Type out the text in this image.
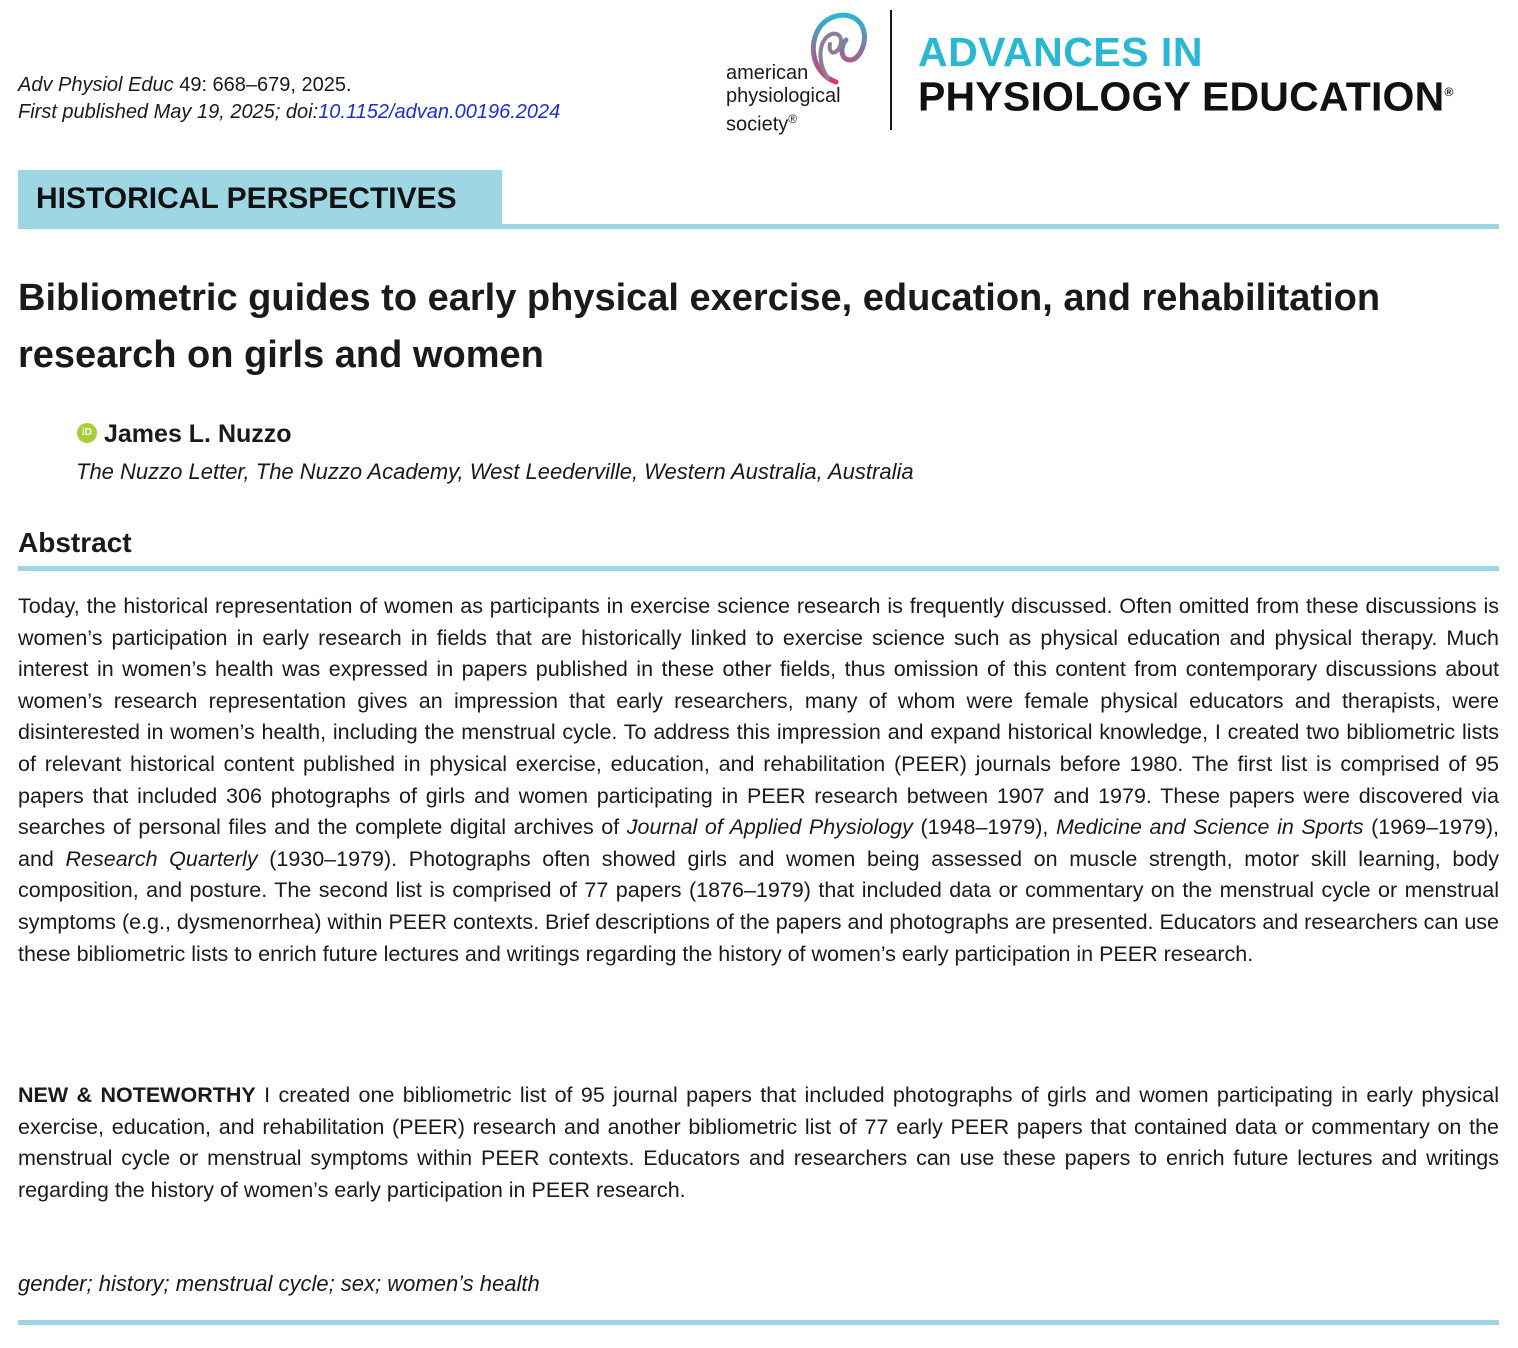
Adv Physiol Educ 49: 668–679, 2025.
First published May 19, 2025; doi:10.1152/advan.00196.2024
american
physiological
society®
ADVANCES IN
PHYSIOLOGY EDUCATION®
HISTORICAL PERSPECTIVES
Bibliometric guides to early physical exercise, education, and rehabilitation research on girls and women
iD James L. Nuzzo
The Nuzzo Letter, The Nuzzo Academy, West Leederville, Western Australia, Australia
Abstract

Today, the historical representation of women as participants in exercise science research is frequently discussed. Often omitted from these discussions is women’s participation in early research in fields that are historically linked to exercise science such as physical education and physical therapy. Much interest in women’s health was expressed in papers published in these other fields, thus omission of this content from contemporary discussions about women’s research representation gives an impression that early researchers, many of whom were female physical educators and therapists, were disinterested in women’s health, including the menstrual cycle. To address this impression and expand historical knowledge, I created two bibliometric lists of relevant historical content published in physical exercise, education, and rehabilitation (PEER) journals before 1980. The first list is comprised of 95 papers that included 306 photographs of girls and women participating in PEER research between 1907 and 1979. These papers were discovered via searches of personal files and the complete digital archives of Journal of Applied Physiology (1948–1979), Medicine and Science in Sports (1969–1979), and Research Quarterly (1930–1979). Photographs often showed girls and women being assessed on muscle strength, motor skill learning, body composition, and posture. The second list is comprised of 77 papers (1876–1979) that included data or commentary on the menstrual cycle or menstrual symptoms (e.g., dysmenorrhea) within PEER contexts. Brief descriptions of the papers and photographs are presented. Educators and researchers can use these bibliometric lists to enrich future lectures and writings regarding the history of women’s early participation in PEER research.

NEW & NOTEWORTHY I created one bibliometric list of 95 journal papers that included photographs of girls and women participating in early physical exercise, education, and rehabilitation (PEER) research and another bibliometric list of 77 early PEER papers that contained data or commentary on the menstrual cycle or menstrual symptoms within PEER contexts. Educators and researchers can use these papers to enrich future lectures and writings regarding the history of women’s early participation in PEER research.

gender; history; menstrual cycle; sex; women’s health
